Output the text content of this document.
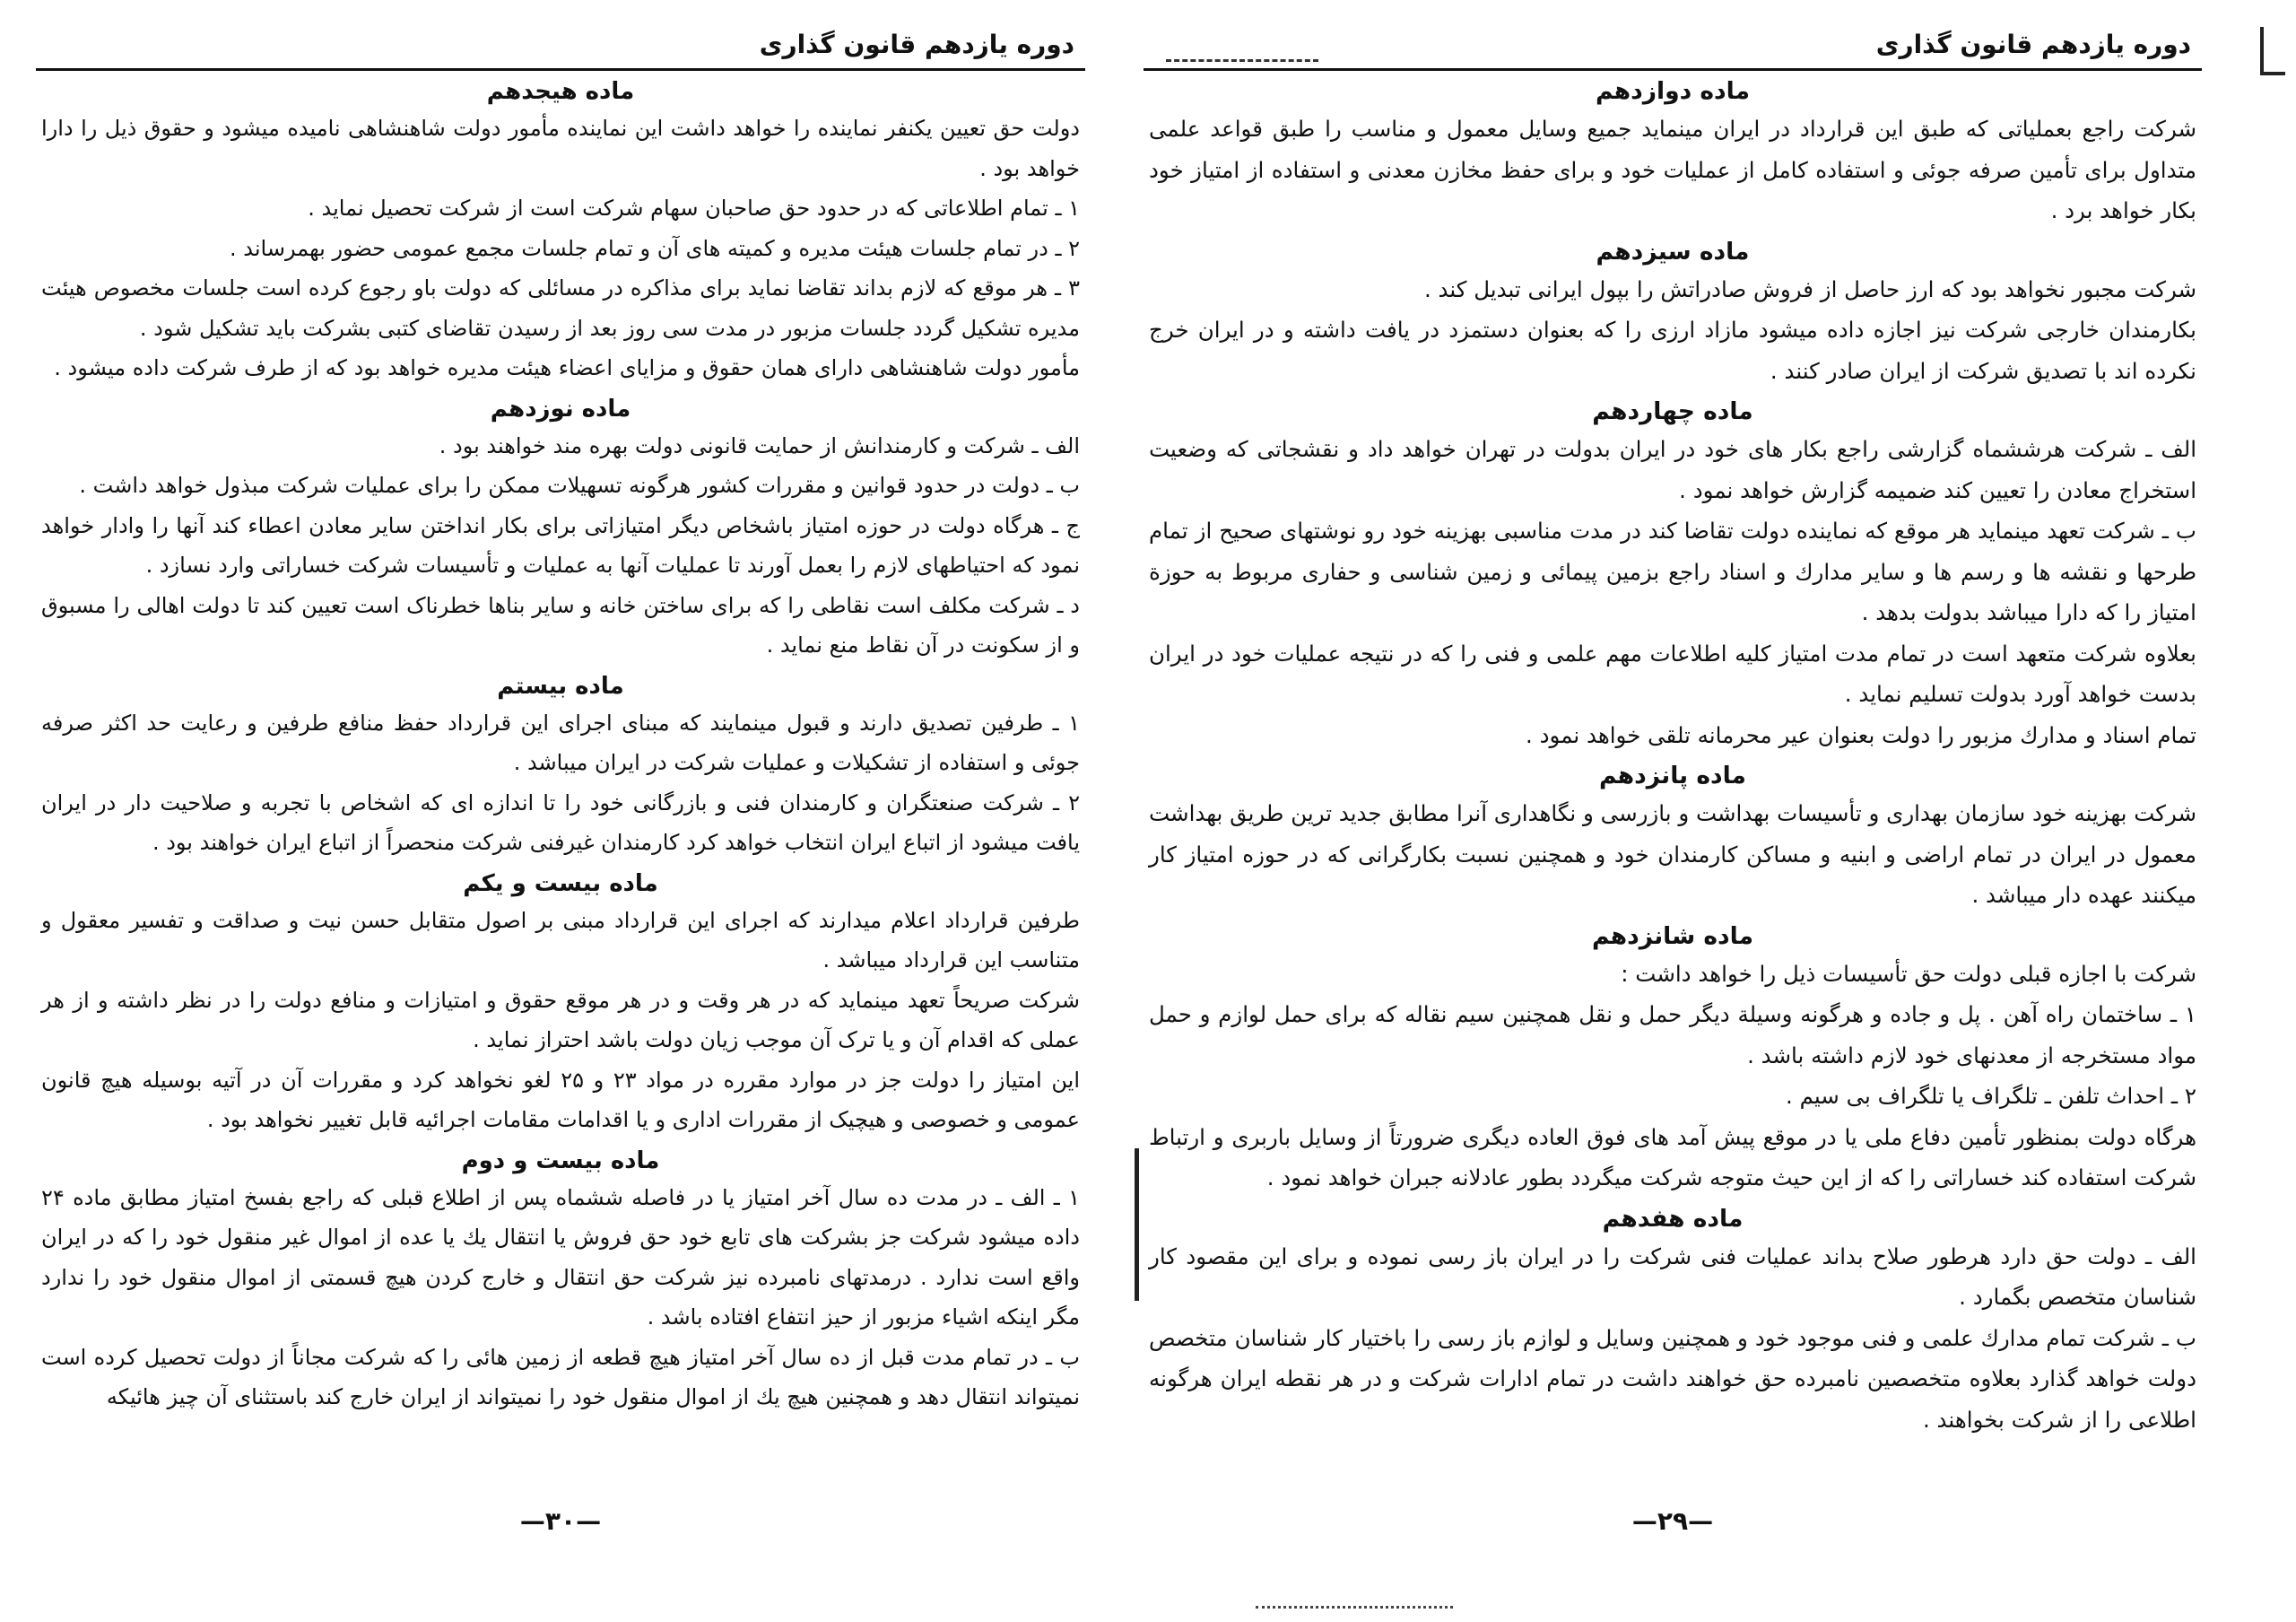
دوره یازدهم قانون گذاری
ماده هیجدهم

دولت حق تعیین یکنفر نماینده را خواهد داشت این نماینده مأمور دولت شاهنشاهی نامیده میشود و حقوق ذیل را دارا خواهد بود .

۱ ـ تمام اطلاعاتی که در حدود حق صاحبان سهام شرکت است از شرکت تحصیل نماید .

۲ ـ در تمام جلسات هیئت مدیره و کمیته های آن و تمام جلسات مجمع عمومی حضور بهمرساند .

۳ ـ هر موقع که لازم بداند تقاضا نماید برای مذاکره در مسائلی که دولت باو رجوع کرده است جلسات مخصوص هیئت مدیره تشکیل گردد جلسات مزبور در مدت سی روز بعد از رسیدن تقاضای کتبی بشرکت باید تشکیل شود .

مأمور دولت شاهنشاهی دارای همان حقوق و مزایای اعضاء هیئت مدیره خواهد بود که از طرف شرکت داده میشود .

ماده نوزدهم

الف ـ شرکت و کارمندانش از حمایت قانونی دولت بهره مند خواهند بود .

ب ـ دولت در حدود قوانین و مقررات کشور هرگونه تسهیلات ممکن را برای عملیات شرکت مبذول خواهد داشت .

ج ـ هرگاه دولت در حوزه امتیاز باشخاص دیگر امتیازاتی برای بکار انداختن سایر معادن اعطاء کند آنها را وادار خواهد نمود که احتیاطهای لازم را بعمل آورند تا عملیات آنها به عملیات و تأسیسات شرکت خساراتی وارد نسازد .

د ـ شرکت مکلف است نقاطی را که برای ساختن خانه و سایر بناها خطرناک است تعیین کند تا دولت اهالی را مسبوق و از سکونت در آن نقاط منع نماید .

ماده بیستم

۱ ـ طرفین تصدیق دارند و قبول مینمایند که مبنای اجرای این قرارداد حفظ منافع طرفین و رعایت حد اکثر صرفه جوئی و استفاده از تشکیلات و عملیات شرکت در ایران میباشد .

۲ ـ شرکت صنعتگران و کارمندان فنی و بازرگانی خود را تا اندازه ای که اشخاص با تجربه و صلاحیت دار در ایران یافت میشود از اتباع ایران انتخاب خواهد کرد کارمندان غیرفنی شرکت منحصراً از اتباع ایران خواهند بود .

ماده بیست و یکم

طرفین قرارداد اعلام میدارند که اجرای این قرارداد مبنی بر اصول متقابل حسن نیت و صداقت و تفسیر معقول و متناسب این قرارداد میباشد .

شرکت صریحاً تعهد مینماید که در هر وقت و در هر موقع حقوق و امتیازات و منافع دولت را در نظر داشته و از هر عملی که اقدام آن و یا ترک آن موجب زیان دولت باشد احتراز نماید .

این امتیاز را دولت جز در موارد مقرره در مواد ۲۳ و ۲۵ لغو نخواهد کرد و مقررات آن در آتیه بوسیله هیچ قانون عمومی و خصوصی و هیچیک از مقررات اداری و یا اقدامات مقامات اجرائیه قابل تغییر نخواهد بود .

ماده بیست و دوم

۱ ـ الف ـ در مدت ده سال آخر امتیاز یا در فاصله ششماه پس از اطلاع قبلی که راجع بفسخ امتیاز مطابق ماده ۲۴ داده میشود شرکت جز بشرکت های تابع خود حق فروش یا انتقال یك یا عده از اموال غیر منقول خود را که در ایران واقع است ندارد . درمدتهای نامبرده نیز شرکت حق انتقال و خارج کردن هیچ قسمتی از اموال منقول خود را ندارد مگر اینکه اشیاء مزبور از حیز انتفاع افتاده باشد .

ب ـ در تمام مدت قبل از ده سال آخر امتیاز هیچ قطعه از زمین هائی را که شرکت مجاناً از دولت تحصیل کرده است نمیتواند انتقال دهد و همچنین هیچ یك از اموال منقول خود را نمیتواند از ایران خارج کند باستثنای آن چیز هائیکه

—۳۰—
دوره یازدهم قانون گذاری
ماده دوازدهم

شرکت راجع بعملیاتی که طبق این قرارداد در ایران مینماید جمیع وسایل معمول و مناسب را طبق قواعد علمی متداول برای تأمین صرفه جوئی و استفاده کامل از عملیات خود و برای حفظ مخازن معدنی و استفاده از امتیاز خود بکار خواهد برد .

ماده سیزدهم

شرکت مجبور نخواهد بود که ارز حاصل از فروش صادراتش را بپول ایرانی تبدیل کند .

بکارمندان خارجی شرکت نیز اجازه داده میشود مازاد ارزی را که بعنوان دستمزد در یافت داشته و در ایران خرج نکرده اند با تصدیق شرکت از ایران صادر کنند .

ماده چهاردهم

الف ـ شرکت هرششماه گزارشی راجع بکار های خود در ایران بدولت در تهران خواهد داد و نقشجاتی که وضعیت استخراج معادن را تعیین کند ضمیمه گزارش خواهد نمود .

ب ـ شرکت تعهد مینماید هر موقع که نماینده دولت تقاضا کند در مدت مناسبی بهزینه خود رو نوشتهای صحیح از تمام طرحها و نقشه ها و رسم ها و سایر مدارك و اسناد راجع بزمین پیمائی و زمین شناسی و حفاری مربوط به حوزة امتیاز را که دارا میباشد بدولت بدهد .

بعلاوه شرکت متعهد است در تمام مدت امتیاز کلیه اطلاعات مهم علمی و فنی را که در نتیجه عملیات خود در ایران بدست خواهد آورد بدولت تسلیم نماید .

تمام اسناد و مدارك مزبور را دولت بعنوان عیر محرمانه تلقی خواهد نمود .

ماده پانزدهم

شرکت بهزینه خود سازمان بهداری و تأسیسات بهداشت و بازرسی و نگاهداری آنرا مطابق جدید ترین طریق بهداشت معمول در ایران در تمام اراضی و ابنیه و مساکن کارمندان خود و همچنین نسبت بکارگرانی که در حوزه امتیاز کار میکنند عهده دار میباشد .

ماده شانزدهم

شرکت با اجازه قبلی دولت حق تأسیسات ذیل را خواهد داشت :

۱ ـ ساختمان راه آهن . پل و جاده و هرگونه وسیلة دیگر حمل و نقل همچنین سیم نقاله که برای حمل لوازم و حمل مواد مستخرجه از معدنهای خود لازم داشته باشد .

۲ ـ احداث تلفن ـ تلگراف یا تلگراف بی سیم .

هرگاه دولت بمنظور تأمین دفاع ملی یا در موقع پیش آمد های فوق العاده دیگری ضرورتاً از وسایل باربری و ارتباط شرکت استفاده کند خساراتی را که از این حیث متوجه شرکت میگردد بطور عادلانه جبران خواهد نمود .

ماده هفدهم

الف ـ دولت حق دارد هرطور صلاح بداند عملیات فنی شرکت را در ایران باز رسی نموده و برای این مقصود کار شناسان متخصص بگمارد .

ب ـ شرکت تمام مدارك علمی و فنی موجود خود و همچنین وسایل و لوازم باز رسی را باختیار کار شناسان متخصص دولت خواهد گذارد بعلاوه متخصصین نامبرده حق خواهند داشت در تمام ادارات شرکت و در هر نقطه ایران هرگونه اطلاعی را از شرکت بخواهند .

—۲۹—
